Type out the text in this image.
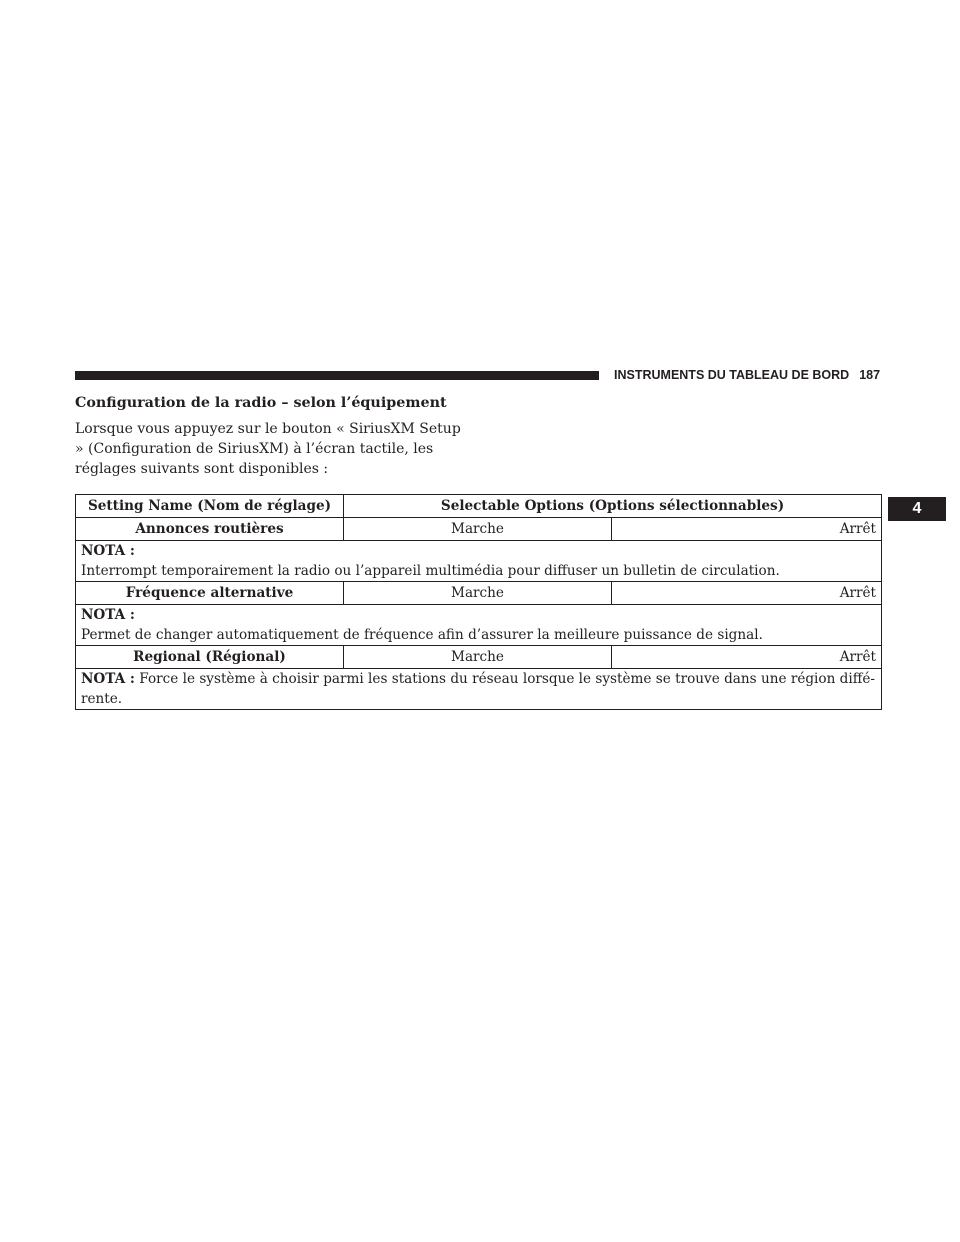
INSTRUMENTS DU TABLEAU DE BORD 187
4
Configuration de la radio – selon l’équipement

Lorsque vous appuyez sur le bouton « SiriusXM Setup » (Configuration de SiriusXM) à l’écran tactile, les réglages suivants sont disponibles :

Setting Name (Nom de réglage)	Selectable Options (Options sélectionnables)	
Annonces routières	Marche	Arrêt

NOTA :
Interrompt temporairement la radio ou l’appareil multimédia pour diffuser un bulletin de circulation.		
Fréquence alternative	Marche	Arrêt

NOTA :
Permet de changer automatiquement de fréquence afin d’assurer la meilleure puissance de signal.		
Regional (Régional)	Marche	Arrêt
NOTA : Force le système à choisir parmi les stations du réseau lorsque le système se trouve dans une région diffé-rente.		
